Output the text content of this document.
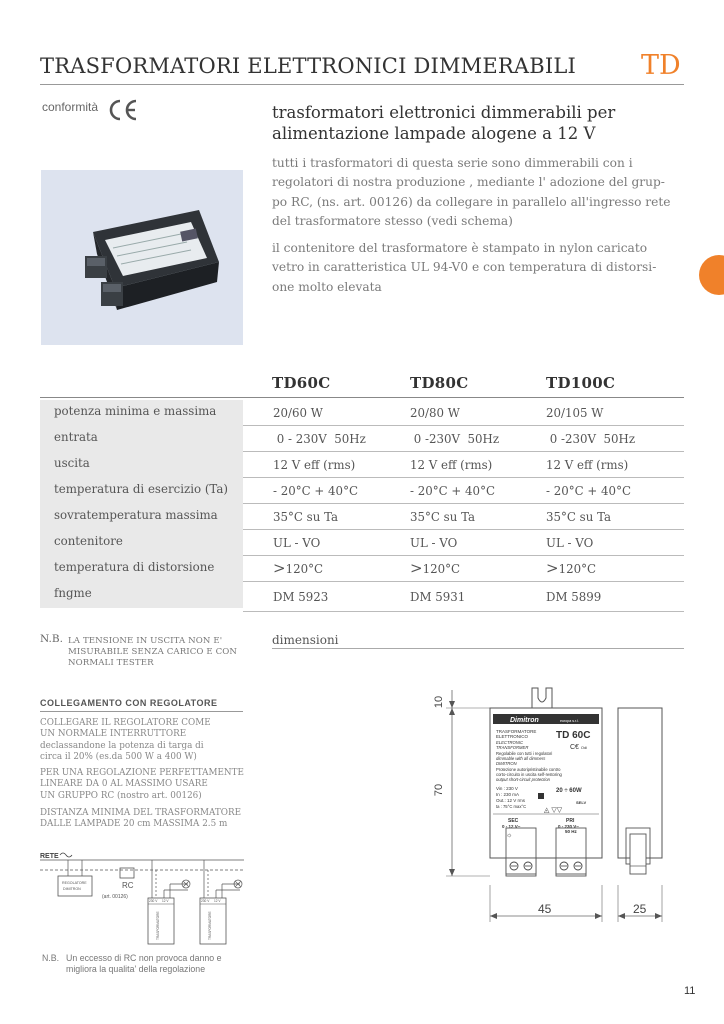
TRASFORMATORI ELETTRONICI DIMMERABILI TD
conformità	trasformatori elettronici dimmerabili per alimentazione lampade alogene a 12 V
tutti i trasformatori di questa serie sono dimmerabili con i
regolatori di nostra produzione , mediante l' adozione del grup-
po RC, (ns. art. 00126) da collegare in parallelo all'ingresso rete
del trasformatore stesso (vedi schema)
il contenitore del trasformatore è stampato in nylon caricato
vetro in caratteristica UL 94-V0 e con temperatura di distorsi-
one molto elevata
TD60C	TD80C	TD100C
potenza minima e massima	20/60 W	20/80 W	20/105 W
entrata	0 - 230V  50Hz	0 -230V  50Hz	0 -230V  50Hz
uscita	12 V eff (rms)	12 V eff (rms)	12 V eff (rms)
temperatura di esercizio (Ta)	- 20°C + 40°C	- 20°C + 40°C	- 20°C + 40°C
sovratemperatura massima	35°C su Ta	35°C su Ta	35°C su Ta
contenitore	UL - VO	UL - VO	UL - VO
temperatura di distorsione	>120°C	>120°C	>120°C
fngme	DM 5923	DM 5931	DM 5899
N.B. LA TENSIONE IN USCITA NON E'
MISURABILE SENZA CARICO E CON
NORMALI TESTER
dimensioni
10
70
Dimitron	europa s.r.l.
TRASFORMATORE
ELETTRONICO	TD 60C
ELECTRONIC
TRANSFORMER	C€ Odi
Regolabile con tutti i regolatori
dimmable with all dimmers
DIMITRON
Protezione autoripristinabile contro
corto-circuito in uscita self-restoring
output short-circuit protection
Vin : 230 V
In : 230 mA
Out.: 12 V rms
ta : 75°C max°C
20 ÷ 60W
SELV
◬ ▽▽
SEC
0 - 12 V~
☼
PRI
0 - 230 V~
50 Hz
45	25
COLLEGAMENTO CON REGOLATORE
COLLEGARE IL REGOLATORE COME
UN NORMALE INTERRUTTORE
declassandone la potenza di targa di
circa il 20% (es.da 500 W a 400 W)
PER UNA REGOLAZIONE PERFETTAMENTE
LINEARE DA 0 AL MASSIMO USARE
UN GRUPPO RC (nostro art. 00126)
DISTANZA MINIMA DEL TRASFORMATORE
DALLE LAMPADE 20 cm MASSIMA 2.5 m
RETE
REGOLATORE
DIMITRON	RC
(art. 00126)
230 V 12 V
TRASFORMATORE
230 V 12 V
TRASFORMATORE
N.B. Un eccesso di RC non provoca danno e
migliora la qualita' della regolazione
11
